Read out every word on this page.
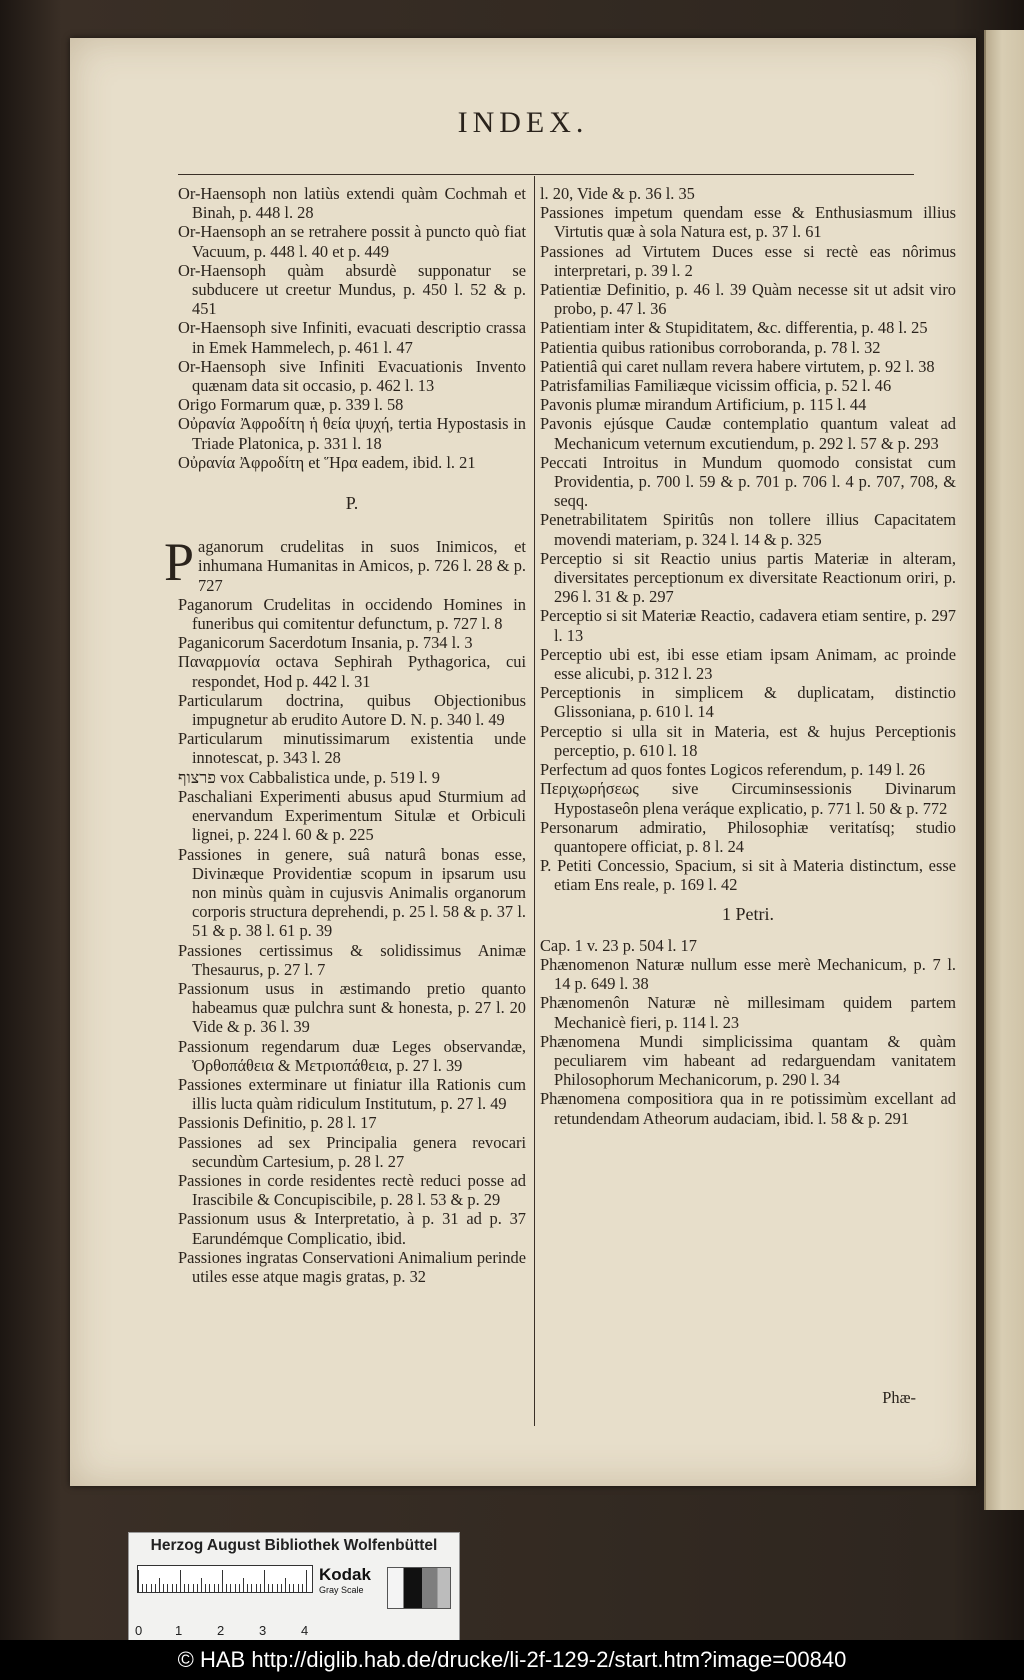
INDEX.

Or-Haensoph non latiùs extendi quàm Cochmah et Binah, p. 448 l. 28

Or-Haensoph an se retrahere possit à puncto quò fiat Vacuum, p. 448 l. 40 et p. 449

Or-Haensoph quàm absurdè supponatur se subducere ut creetur Mundus, p. 450 l. 52 & p. 451

Or-Haensoph sive Infiniti, evacuati descriptio crassa in Emek Hammelech, p. 461 l. 47

Or-Haensoph sive Infiniti Evacuationis Invento quænam data sit occasio, p. 462 l. 13

Origo Formarum quæ, p. 339 l. 58

Οὐρανία Ἀφροδίτη ἡ θεία ψυχή, tertia Hypostasis in Triade Platonica, p. 331 l. 18

Οὐρανία Ἀφροδίτη et Ἥρα eadem, ibid. l. 21

P.

Paganorum crudelitas in suos Inimicos, et inhumana Humanitas in Amicos, p. 726 l. 28 & p. 727

Paganorum Crudelitas in occidendo Homines in funeribus qui comitentur defunctum, p. 727 l. 8

Paganicorum Sacerdotum Insania, p. 734 l. 3

Παναρμονία octava Sephirah Pythagorica, cui respondet, Hod p. 442 l. 31

Particularum doctrina, quibus Objectionibus impugnetur ab erudito Autore D. N. p. 340 l. 49

Particularum minutissimarum existentia unde innotescat, p. 343 l. 28

פרצוף vox Cabbalistica unde, p. 519 l. 9

Paschaliani Experimenti abusus apud Sturmium ad enervandum Experimentum Situlæ et Orbiculi lignei, p. 224 l. 60 & p. 225

Passiones in genere, suâ naturâ bonas esse, Divinæque Providentiæ scopum in ipsarum usu non minùs quàm in cujusvis Animalis organorum corporis structura deprehendi, p. 25 l. 58 & p. 37 l. 51 & p. 38 l. 61 p. 39

Passiones certissimus & solidissimus Animæ Thesaurus, p. 27 l. 7

Passionum usus in æstimando pretio quanto habeamus quæ pulchra sunt & honesta, p. 27 l. 20 Vide & p. 36 l. 39

Passionum regendarum duæ Leges observandæ, Ὀρθοπάθεια & Μετριοπάθεια, p. 27 l. 39

Passiones exterminare ut finiatur illa Rationis cum illis lucta quàm ridiculum Institutum, p. 27 l. 49

Passionis Definitio, p. 28 l. 17

Passiones ad sex Principalia genera revocari secundùm Cartesium, p. 28 l. 27

Passiones in corde residentes rectè reduci posse ad Irascibile & Concupiscibile, p. 28 l. 53 & p. 29

Passionum usus & Interpretatio, à p. 31 ad p. 37 Earundémque Complicatio, ibid.

Passiones ingratas Conservationi Animalium perinde utiles esse atque magis gratas, p. 32

l. 20, Vide & p. 36 l. 35

Passiones impetum quendam esse & Enthusiasmum illius Virtutis quæ à sola Natura est, p. 37 l. 61

Passiones ad Virtutem Duces esse si rectè eas nôrimus interpretari, p. 39 l. 2

Patientiæ Definitio, p. 46 l. 39 Quàm necesse sit ut adsit viro probo, p. 47 l. 36

Patientiam inter & Stupiditatem, &c. differentia, p. 48 l. 25

Patientia quibus rationibus corroboranda, p. 78 l. 32

Patientiâ qui caret nullam revera habere virtutem, p. 92 l. 38

Patrisfamilias Familiæque vicissim officia, p. 52 l. 46

Pavonis plumæ mirandum Artificium, p. 115 l. 44

Pavonis ejúsque Caudæ contemplatio quantum valeat ad Mechanicum veternum excutiendum, p. 292 l. 57 & p. 293

Peccati Introitus in Mundum quomodo consistat cum Providentia, p. 700 l. 59 & p. 701 p. 706 l. 4 p. 707, 708, & seqq.

Penetrabilitatem Spiritûs non tollere illius Capacitatem movendi materiam, p. 324 l. 14 & p. 325

Perceptio si sit Reactio unius partis Materiæ in alteram, diversitates perceptionum ex diversitate Reactionum oriri, p. 296 l. 31 & p. 297

Perceptio si sit Materiæ Reactio, cadavera etiam sentire, p. 297 l. 13

Perceptio ubi est, ibi esse etiam ipsam Animam, ac proinde esse alicubi, p. 312 l. 23

Perceptionis in simplicem & duplicatam, distinctio Glissoniana, p. 610 l. 14

Perceptio si ulla sit in Materia, est & hujus Perceptionis perceptio, p. 610 l. 18

Perfectum ad quos fontes Logicos referendum, p. 149 l. 26

Περιχωρήσεως sive Circuminsessionis Divinarum Hypostaseôn plena veráque explicatio, p. 771 l. 50 & p. 772

Personarum admiratio, Philosophiæ veritatísq; studio quantopere officiat, p. 8 l. 24

P. Petiti Concessio, Spacium, si sit à Materia distinctum, esse etiam Ens reale, p. 169 l. 42

1 Petri.

Cap. 1 v. 23 p. 504 l. 17

Phænomenon Naturæ nullum esse merè Mechanicum, p. 7 l. 14 p. 649 l. 38

Phænomenôn Naturæ nè millesimam quidem partem Mechanicè fieri, p. 114 l. 23

Phænomena Mundi simplicissima quantam & quàm peculiarem vim habeant ad redarguendam vanitatem Philosophorum Mechanicorum, p. 290 l. 34

Phænomena compositiora qua in re potissimùm excellant ad retundendam Atheorum audaciam, ibid. l. 58 & p. 291

Phæ-
Herzog August Bibliothek Wolfenbüttel
0	1	2	3	4
Kodak
Gray Scale
© HAB http://diglib.hab.de/drucke/li-2f-129-2/start.htm?image=00840
